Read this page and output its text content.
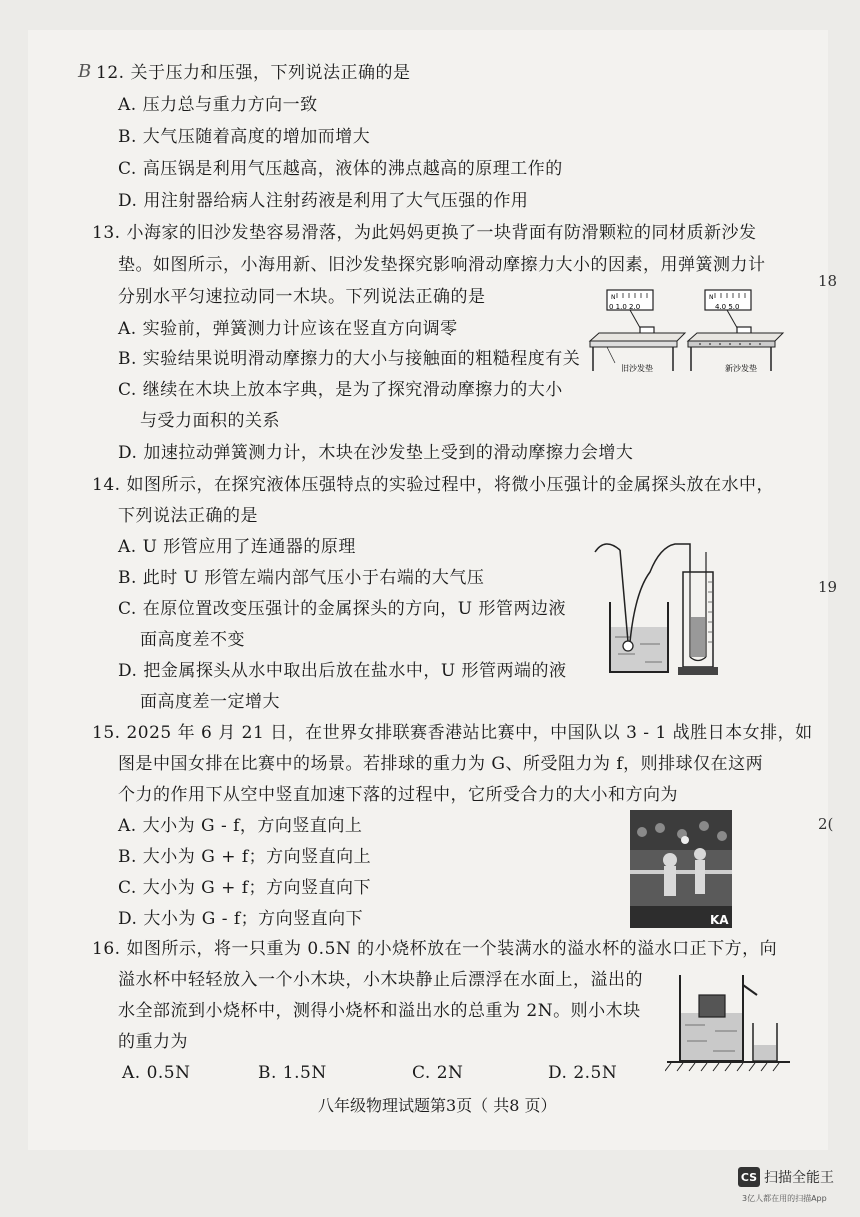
B 12. 关于压力和压强，下列说法正确的是
A. 压力总与重力方向一致
B. 大气压随着高度的增加而增大
C. 高压锅是利用气压越高，液体的沸点越高的原理工作的
D. 用注射器给病人注射药液是利用了大气压强的作用
13. 小海家的旧沙发垫容易滑落，为此妈妈更换了一块背面有防滑颗粒的同材质新沙发
垫。如图所示，小海用新、旧沙发垫探究影响滑动摩擦力大小的因素，用弹簧测力计
分别水平匀速拉动同一木块。下列说法正确的是
A. 实验前，弹簧测力计应该在竖直方向调零
B. 实验结果说明滑动摩擦力的大小与接触面的粗糙程度有关
C. 继续在木块上放本字典，是为了探究滑动摩擦力的大小
与受力面积的关系
D. 加速拉动弹簧测力计，木块在沙发垫上受到的滑动摩擦力会增大
N
0 1.0 2.0
旧沙发垫
N
4.0 5.0
新沙发垫
14. 如图所示，在探究液体压强特点的实验过程中，将微小压强计的金属探头放在水中，
下列说法正确的是
A. U 形管应用了连通器的原理
B. 此时 U 形管左端内部气压小于右端的大气压
C. 在原位置改变压强计的金属探头的方向，U 形管两边液
面高度差不变
D. 把金属探头从水中取出后放在盐水中，U 形管两端的液
面高度差一定增大
15. 2025 年 6 月 21 日，在世界女排联赛香港站比赛中，中国队以 3 - 1 战胜日本女排，如
图是中国女排在比赛中的场景。若排球的重力为 G、所受阻力为 f，则排球仅在这两
个力的作用下从空中竖直加速下落的过程中，它所受合力的大小和方向为
A. 大小为 G - f，方向竖直向上
B. 大小为 G + f；方向竖直向上
C. 大小为 G + f；方向竖直向下
D. 大小为 G - f；方向竖直向下	KA
16. 如图所示，将一只重为 0.5N 的小烧杯放在一个装满水的溢水杯的溢水口正下方，向
溢水杯中轻轻放入一个小木块，小木块静止后漂浮在水面上，溢出的
水全部流到小烧杯中，测得小烧杯和溢出水的总重为 2N。则小木块
的重力为
A. 0.5N	B. 1.5N	C. 2N	D. 2.5N
18
19
2(
八年级物理试题第3页（ 共8 页）
CS 扫描全能王
3亿人都在用的扫描App
